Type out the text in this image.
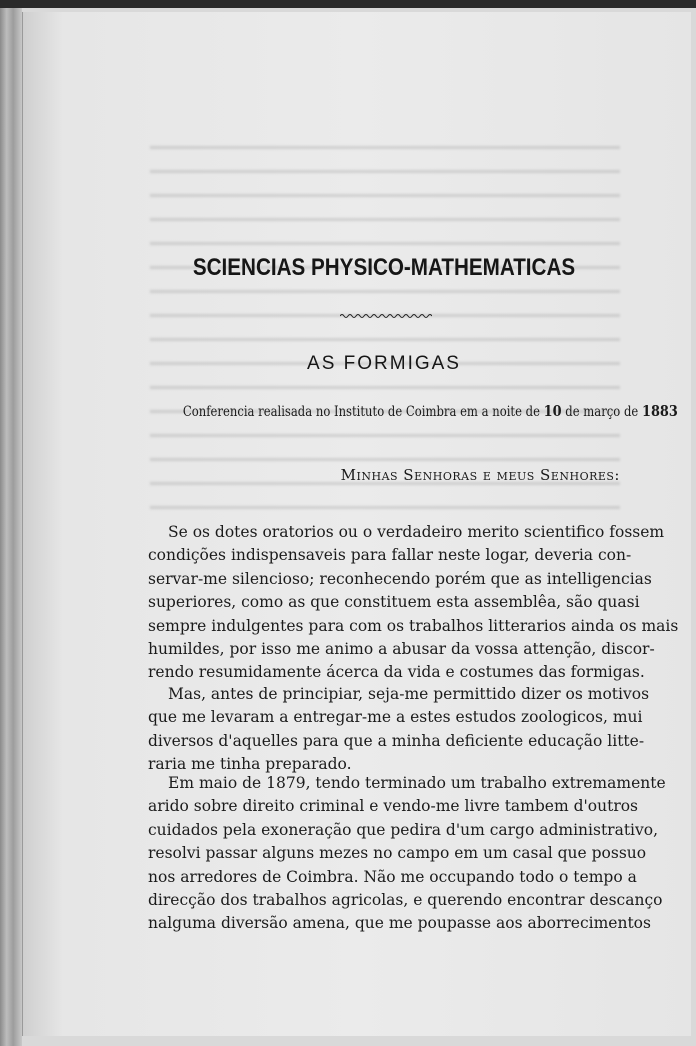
SCIENCIAS PHYSICO-MATHEMATICAS
AS FORMIGAS
Conferencia realisada no Instituto de Coimbra em a noite de 10 de março de 1883
Minhas Senhoras e meus Senhores:
Se os dotes oratorios ou o verdadeiro merito scientifico fossem
condições indispensaveis para fallar neste logar, deveria con-
servar-me silencioso; reconhecendo porém que as intelligencias
superiores, como as que constituem esta assemblêa, são quasi
sempre indulgentes para com os trabalhos litterarios ainda os mais
humildes, por isso me animo a abusar da vossa attenção, discor-
rendo resumidamente ácerca da vida e costumes das formigas.
Mas, antes de principiar, seja-me permittido dizer os motivos
que me levaram a entregar-me a estes estudos zoologicos, mui
diversos d'aquelles para que a minha deficiente educação litte-
raria me tinha preparado.
Em maio de 1879, tendo terminado um trabalho extremamente
arido sobre direito criminal e vendo-me livre tambem d'outros
cuidados pela exoneração que pedira d'um cargo administrativo,
resolvi passar alguns mezes no campo em um casal que possuo
nos arredores de Coimbra. Não me occupando todo o tempo a
direcção dos trabalhos agricolas, e querendo encontrar descanço
nalguma diversão amena, que me poupasse aos aborrecimentos
